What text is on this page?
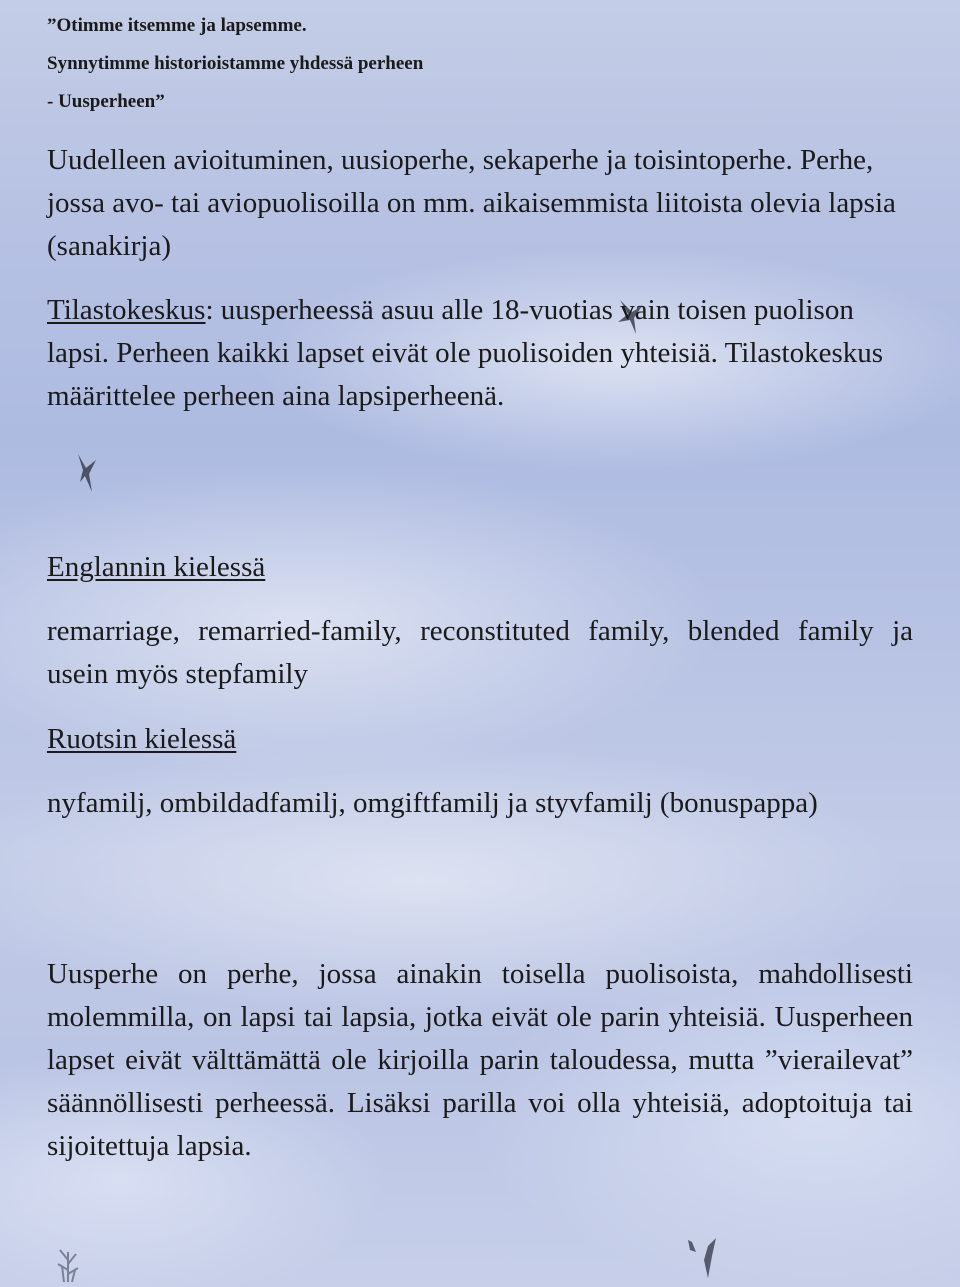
”Otimme itsemme ja lapsemme.
Synnytimme historioistamme yhdessä perheen
- Uusperheen”
Uudelleen avioituminen, uusioperhe, sekaperhe ja toisintoperhe. Perhe, jossa avo- tai aviopuolisoilla on mm. aikaisemmista liitoista olevia lapsia (sanakirja)
Tilastokeskus: uusperheessä asuu alle 18-vuotias vain toisen puolison lapsi. Perheen kaikki lapset eivät ole puolisoiden yhteisiä. Tilastokeskus määrittelee perheen aina lapsiperheenä.
Englannin kielessä
remarriage, remarried-family, reconstituted family, blended family ja usein myös stepfamily
Ruotsin kielessä
nyfamilj, ombildadfamilj, omgiftfamilj ja styvfamilj (bonuspappa)
Uusperhe on perhe, jossa ainakin toisella puolisoista, mahdollisesti molemmilla, on lapsi tai lapsia, jotka eivät ole parin yhteisiä. Uusperheen lapset eivät välttämättä ole kirjoilla parin taloudessa, mutta ”vierailevat” säännöllisesti perheessä. Lisäksi parilla voi olla yhteisiä, adoptoituja tai sijoitettuja lapsia.
